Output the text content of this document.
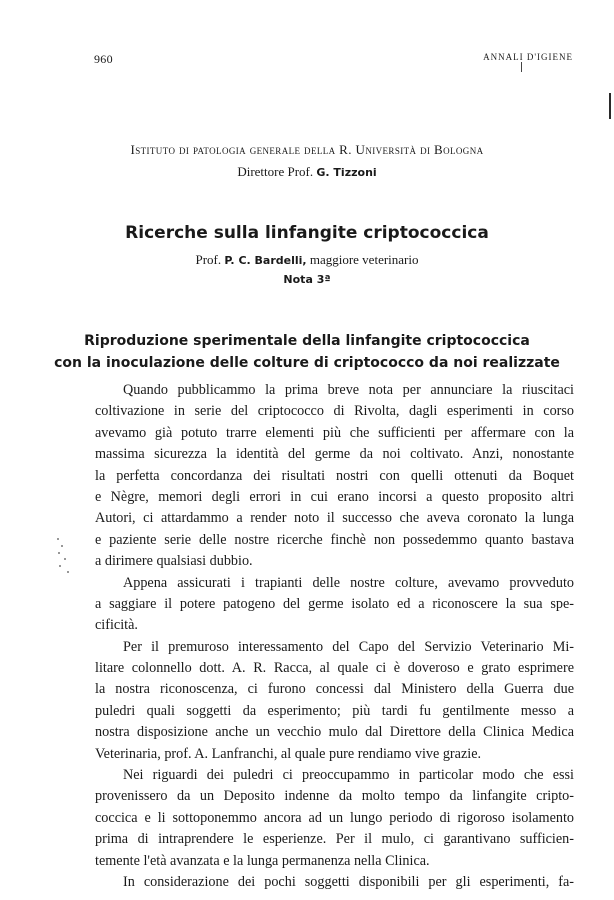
960	ANNALI D'IGIENE
Istituto di patologia generale della R. Università di Bologna
Direttore Prof. G. Tizzoni
Ricerche sulla linfangite criptococcica
Prof. P. C. Bardelli, maggiore veterinario
Nota 3ª
Riproduzione sperimentale della linfangite criptococcica
con la inoculazione delle colture di criptococco da noi realizzate
Quando pubblicammo la prima breve nota per annunciare la riuscitaci
coltivazione in serie del criptococco di Rivolta, dagli esperimenti in corso
avevamo già potuto trarre elementi più che sufficienti per affermare con la
massima sicurezza la identità del germe da noi coltivato. Anzi, nonostante
la perfetta concordanza dei risultati nostri con quelli ottenuti da Boquet
e Nègre, memori degli errori in cui erano incorsi a questo proposito altri
Autori, ci attardammo a render noto il successo che aveva coronato la lunga
e paziente serie delle nostre ricerche finchè non possedemmo quanto bastava
a dirimere qualsiasi dubbio.
Appena assicurati i trapianti delle nostre colture, avevamo provveduto
a saggiare il potere patogeno del germe isolato ed a riconoscere la sua spe-
cificità.
Per il premuroso interessamento del Capo del Servizio Veterinario Mi-
litare colonnello dott. A. R. Racca, al quale ci è doveroso e grato esprimere
la nostra riconoscenza, ci furono concessi dal Ministero della Guerra due
puledri quali soggetti da esperimento; più tardi fu gentilmente messo a
nostra disposizione anche un vecchio mulo dal Direttore della Clinica Medica
Veterinaria, prof. A. Lanfranchi, al quale pure rendiamo vive grazie.
Nei riguardi dei puledri ci preoccupammo in particolar modo che essi
provenissero da un Deposito indenne da molto tempo da linfangite cripto-
coccica e li sottoponemmo ancora ad un lungo periodo di rigoroso isolamento
prima di intraprendere le esperienze. Per il mulo, ci garantivano sufficien-
temente l'età avanzata e la lunga permanenza nella Clinica.
In considerazione dei pochi soggetti disponibili per gli esperimenti, fa-
